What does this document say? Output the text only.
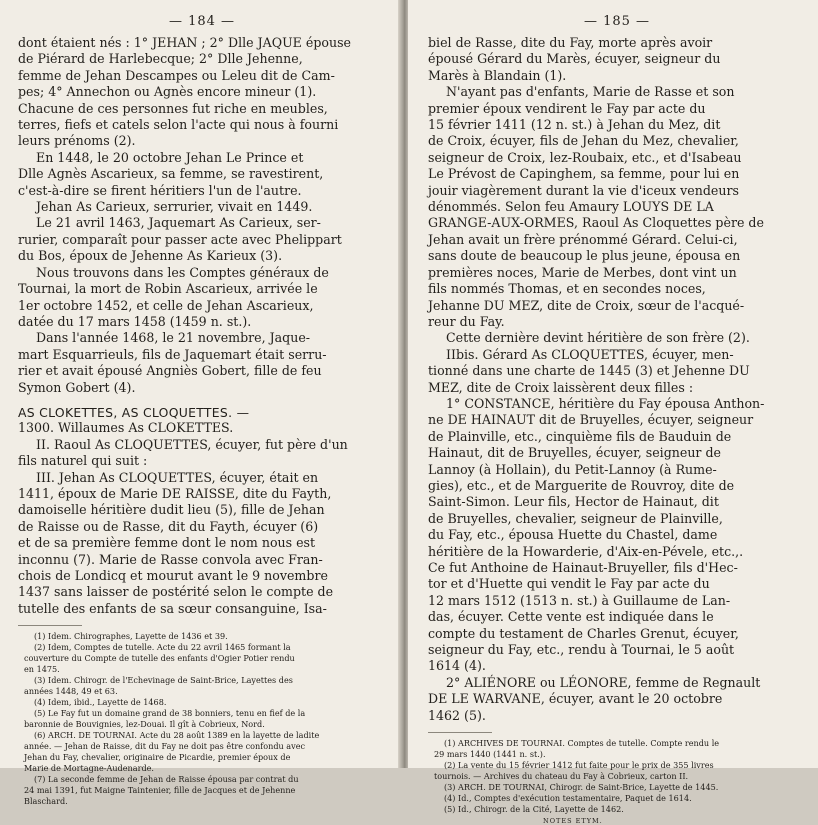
— 184 —

dont étaient nés : 1° JEHAN ; 2° Dlle JAQUE épouse

de Piérard de Harlebecque; 2° Dlle Jehenne,

femme de Jehan Descampes ou Leleu dit de Cam-

pes; 4° Annechon ou Agnès encore mineur (1).

Chacune de ces personnes fut riche en meubles,

terres, fiefs et catels selon l'acte qui nous à fourni

leurs prénoms (2).

En 1448, le 20 octobre Jehan Le Prince et

Dlle Agnès Ascarieux, sa femme, se ravestirent,

c'est-à-dire se firent héritiers l'un de l'autre.

Jehan As Carieux, serrurier, vivait en 1449.

Le 21 avril 1463, Jaquemart As Carieux, ser-

rurier, comparaît pour passer acte avec Phelippart

du Bos, époux de Jehenne As Karieux (3).

Nous trouvons dans les Comptes généraux de

Tournai, la mort de Robin Ascarieux, arrivée le

1er octobre 1452, et celle de Jehan Ascarieux,

datée du 17 mars 1458 (1459 n. st.).

Dans l'année 1468, le 21 novembre, Jaque-

mart Esquarrieuls, fils de Jaquemart était serru-

rier et avait épousé Angniès Gobert, fille de feu

Symon Gobert (4).

AS CLOKETTES, AS CLOQUETTES. —

1300. Willaumes As CLOKETTES.

II. Raoul As CLOQUETTES, écuyer, fut père d'un

fils naturel qui suit :

III. Jehan As CLOQUETTES, écuyer, était en

1411, époux de Marie DE RAISSE, dite du Fayth,

damoiselle héritière dudit lieu (5), fille de Jehan

de Raisse ou de Rasse, dit du Fayth, écuyer (6)

et de sa première femme dont le nom nous est

inconnu (7). Marie de Rasse convola avec Fran-

chois de Londicq et mourut avant le 9 novembre

1437 sans laisser de postérité selon le compte de

tutelle des enfants de sa sœur consanguine, Isa-

(1) Idem. Chirographes, Layette de 1436 et 39.

(2) Idem, Comptes de tutelle. Acte du 22 avril 1465 formant la

couverture du Compte de tutelle des enfants d'Ogier Potier rendu

en 1475.

(3) Idem. Chirogr. de l'Echevinage de Saint-Brice, Layettes des

années 1448, 49 et 63.

(4) Idem, ibid., Layette de 1468.

(5) Le Fay fut un domaine grand de 38 bonniers, tenu en fief de la

baronnie de Bouvignies, lez-Douai. Il gît à Cobrieux, Nord.

(6) ARCH. DE TOURNAI. Acte du 28 août 1389 en la layette de ladite

année. — Jehan de Raisse, dit du Fay ne doit pas être confondu avec

Jehan du Fay, chevalier, originaire de Picardie, premier époux de

Marie de Mortagne-Audenarde.

(7) La seconde femme de Jehan de Raisse épousa par contrat du

24 mai 1391, fut Maigne Taintenier, fille de Jacques et de Jehenne

Blaschard.

— 185 —

biel de Rasse, dite du Fay, morte après avoir

épousé Gérard du Marès, écuyer, seigneur du

Marès à Blandain (1).

N'ayant pas d'enfants, Marie de Rasse et son

premier époux vendirent le Fay par acte du

15 février 1411 (12 n. st.) à Jehan du Mez, dit

de Croix, écuyer, fils de Jehan du Mez, chevalier,

seigneur de Croix, lez-Roubaix, etc., et d'Isabeau

Le Prévost de Capinghem, sa femme, pour lui en

jouir viagèrement durant la vie d'iceux vendeurs

dénommés. Selon feu Amaury LOUYS DE LA

GRANGE-AUX-ORMES, Raoul As Cloquettes père de

Jehan avait un frère prénommé Gérard. Celui-ci,

sans doute de beaucoup le plus jeune, épousa en

premières noces, Marie de Merbes, dont vint un

fils nommés Thomas, et en secondes noces,

Jehanne DU MEZ, dite de Croix, sœur de l'acqué-

reur du Fay.

Cette dernière devint héritière de son frère (2).

IIbis. Gérard As CLOQUETTES, écuyer, men-

tionné dans une charte de 1445 (3) et Jehenne DU

MEZ, dite de Croix laissèrent deux filles :

1° CONSTANCE, héritière du Fay épousa Anthon-

ne DE HAINAUT dit de Bruyelles, écuyer, seigneur

de Plainville, etc., cinquième fils de Bauduin de

Hainaut, dit de Bruyelles, écuyer, seigneur de

Lannoy (à Hollain), du Petit-Lannoy (à Rume-

gies), etc., et de Marguerite de Rouvroy, dite de

Saint-Simon. Leur fils, Hector de Hainaut, dit

de Bruyelles, chevalier, seigneur de Plainville,

du Fay, etc., épousa Huette du Chastel, dame

héritière de la Howarderie, d'Aix-en-Pévele, etc.,.

Ce fut Anthoine de Hainaut-Bruyeller, fils d'Hec-

tor et d'Huette qui vendit le Fay par acte du

12 mars 1512 (1513 n. st.) à Guillaume de Lan-

das, écuyer. Cette vente est indiquée dans le

compte du testament de Charles Grenut, écuyer,

seigneur du Fay, etc., rendu à Tournai, le 5 août

1614 (4).

2° ALIÉNORE ou LÉONORE, femme de Regnault

DE LE WARVANE, écuyer, avant le 20 octobre

1462 (5).

(1) ARCHIVES DE TOURNAI. Comptes de tutelle. Compte rendu le

29 mars 1440 (1441 n. st.).

(2) La vente du 15 février 1412 fut faite pour le prix de 355 livres

tournois. — Archives du chateau du Fay à Cobrieux, carton II.

(3) ARCH. DE TOURNAI, Chirogr. de Saint-Brice, Layette de 1445.

(4) Id., Comptes d'exécution testamentaire, Paquet de 1614.

(5) Id., Chirogr. de la Cité, Layette de 1462.

NOTES ETYM.
